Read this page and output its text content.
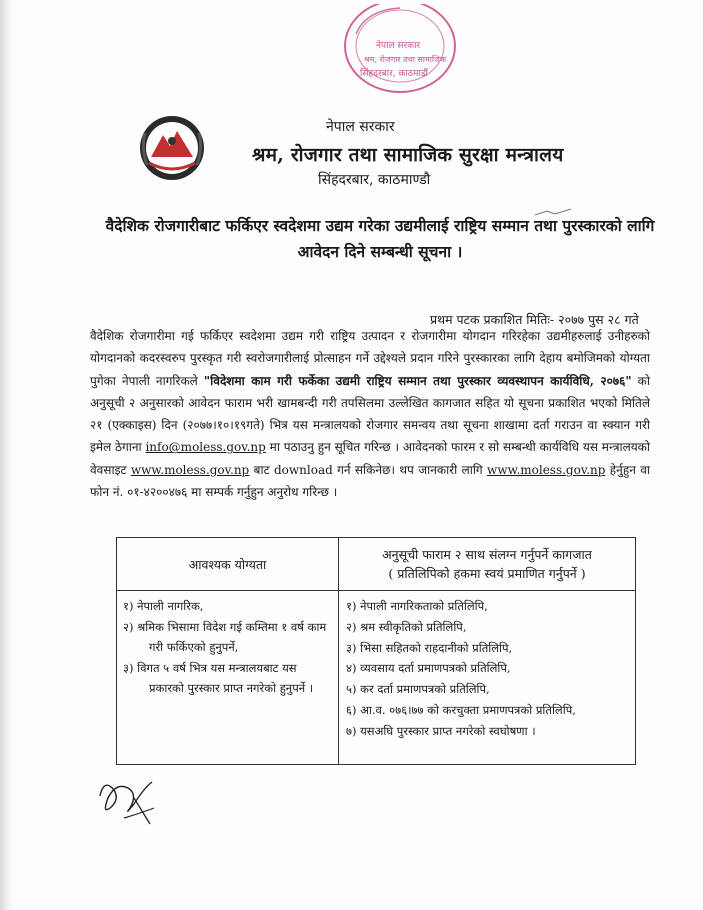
नेपाल सरकार
श्रम, रोजगार तथा सामाजिक
सिंहदरबार, काठमाडौं
नेपाल सरकार
श्रम, रोजगार तथा सामाजिक सुरक्षा मन्त्रालय
सिंहदरबार, काठमाण्डौ
वैदेशिक रोजगारीबाट फर्किएर स्वदेशमा उद्यम गरेका उद्यमीलाई राष्ट्रिय सम्मान तथा पुरस्कारको लागि
आवेदन दिने सम्बन्धी सूचना ।
प्रथम पटक प्रकाशित मितिः- २०७७ पुस २८ गते
वैदेशिक रोजगारीमा गई फर्किएर स्वदेशमा उद्यम गरी राष्ट्रिय उत्पादन र रोजगारीमा योगदान गरिरहेका उद्यमीहरुलाई उनीहरुको योगदानको कदरस्वरुप पुरस्कृत गरी स्वरोजगारीलाई प्रोत्साहन गर्ने उद्देश्यले प्रदान गरिने पुरस्कारका लागि देहाय बमोजिमको योग्यता पुगेका नेपाली नागरिकले "विदेशमा काम गरी फर्केका उद्यमी राष्ट्रिय सम्मान तथा पुरस्कार व्यवस्थापन कार्यविधि, २०७६" को अनुसूची २ अनुसारको आवेदन फाराम भरी खामबन्दी गरी तपसिलमा उल्लेखित कागजात सहित यो सूचना प्रकाशित भएको मितिले २१ (एक्काइस) दिन (२०७७।१०।१९गते) भित्र यस मन्त्रालयको रोजगार समन्वय तथा सूचना शाखामा दर्ता गराउन वा स्क्यान गरी इमेल ठेगाना info@moless.gov.np मा पठाउनु हुन सूचित गरिन्छ । आवेदनको फारम र सो सम्बन्धी कार्यविधि यस मन्त्रालयको वेवसाइट www.moless.gov.np बाट download गर्न सकिनेछ। थप जानकारी लागि www.moless.gov.np हेर्नुहुन वा फोन नं. ०१-४२००४७६ मा सम्पर्क गर्नुहुन अनुरोध गरिन्छ ।
आवश्यक योग्यता
अनुसूची फाराम २ साथ संलग्न गर्नुपर्ने कागजात
( प्रतिलिपिको हकमा स्वयं प्रमाणित गर्नुपर्ने )
१) नेपाली नागरिक,
२) श्रमिक भिसामा विदेश गई कम्तिमा १ वर्ष काम गरी फर्किएको हुनुपर्ने,
३) विगत ५ वर्ष भित्र यस मन्त्रालयबाट यस प्रकारको पुरस्कार प्राप्त नगरेको हुनुपर्ने ।
१) नेपाली नागरिकताको प्रतिलिपि,
२) श्रम स्वीकृतिको प्रतिलिपि,
३) भिसा सहितको राहदानीको प्रतिलिपि,
४) व्यवसाय दर्ता प्रमाणपत्रको प्रतिलिपि,
५) कर दर्ता प्रमाणपत्रको प्रतिलिपि,
६) आ.व. ०७६।७७ को करचुक्ता प्रमाणपत्रको प्रतिलिपि,
७) यसअघि पुरस्कार प्राप्त नगरेको स्वघोषणा ।
